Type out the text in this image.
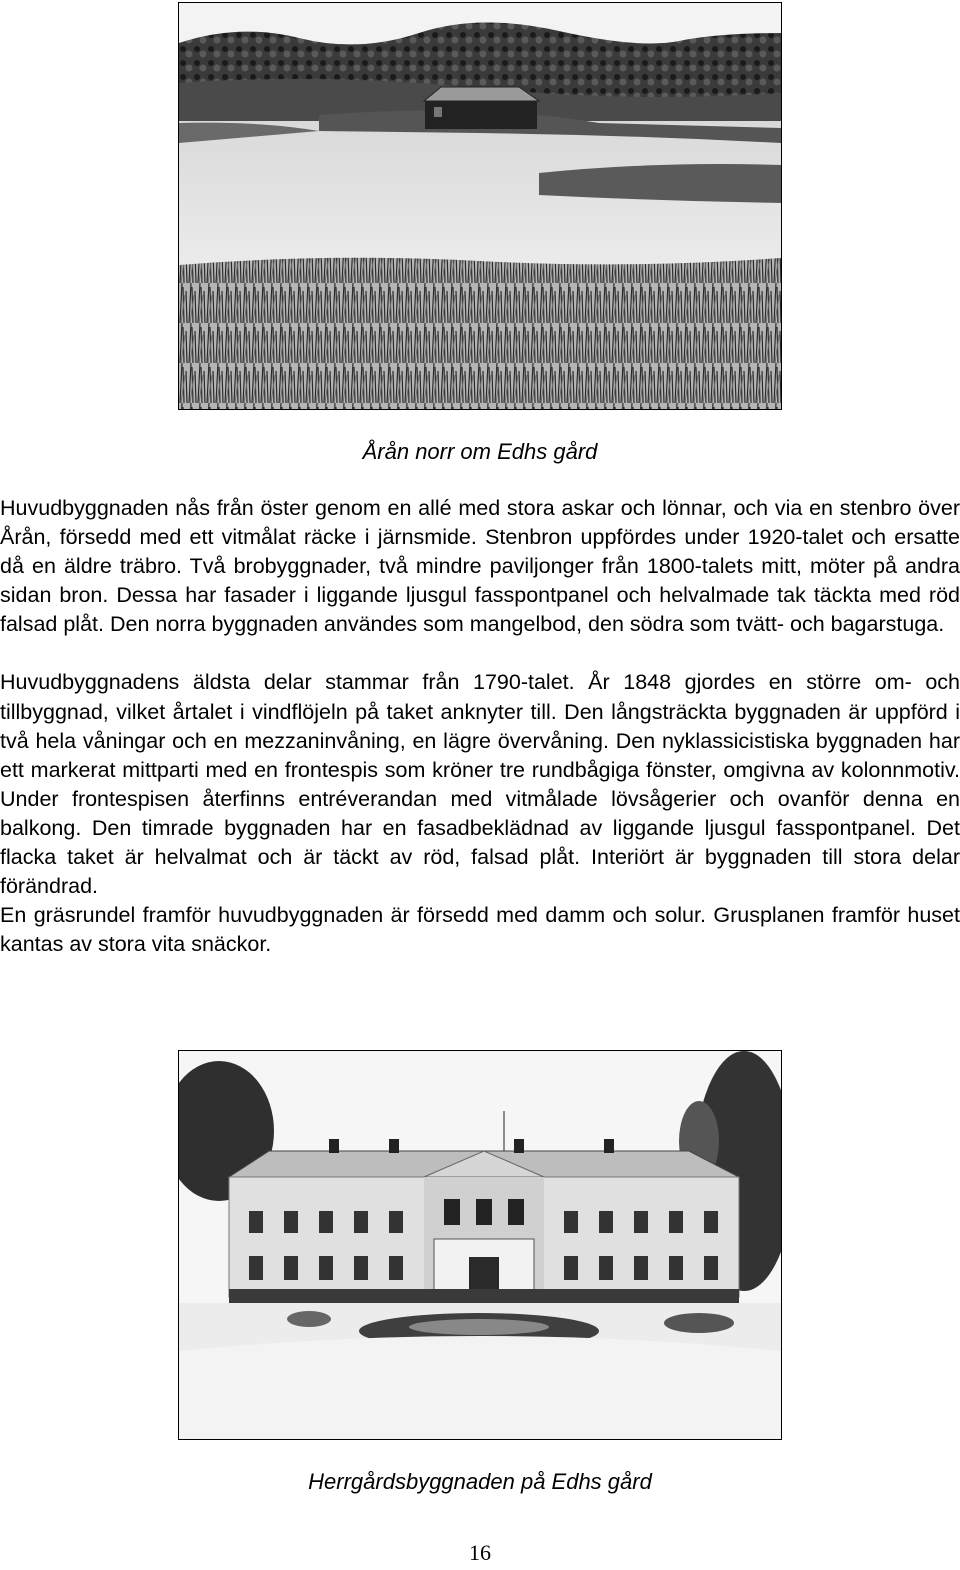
Årån norr om Edhs gård

Huvudbyggnaden nås från öster genom en allé med stora askar och lönnar, och via en stenbro över Årån, försedd med ett vitmålat räcke i järnsmide. Stenbron uppfördes under 1920-talet och ersatte då en äldre träbro. Två brobyggnader, två mindre paviljonger från 1800-talets mitt, möter på andra sidan bron. Dessa har fasader i liggande ljusgul fasspontpanel och helvalmade tak täckta med röd falsad plåt. Den norra byggnaden användes som mangelbod, den södra som tvätt- och bagarstuga.

Huvudbyggnadens äldsta delar stammar från 1790-talet. År 1848 gjordes en större om- och tillbyggnad, vilket årtalet i vindflöjeln på taket anknyter till. Den långsträckta byggnaden är uppförd i två hela våningar och en mezzaninvåning, en lägre övervåning. Den nyklassicistiska byggnaden har ett markerat mittparti med en frontespis som kröner tre rundbågiga fönster, omgivna av kolonnmotiv. Under frontespisen återfinns entréverandan med vitmålade lövsågerier och ovanför denna en balkong. Den timrade byggnaden har en fasadbeklädnad av liggande ljusgul fasspontpanel. Det flacka taket är helvalmat och är täckt av röd, falsad plåt. Interiört är byggnaden till stora delar förändrad.

En gräsrundel framför huvudbyggnaden är försedd med damm och solur. Grusplanen framför huset kantas av stora vita snäckor.

Herrgårdsbyggnaden på Edhs gård
16
